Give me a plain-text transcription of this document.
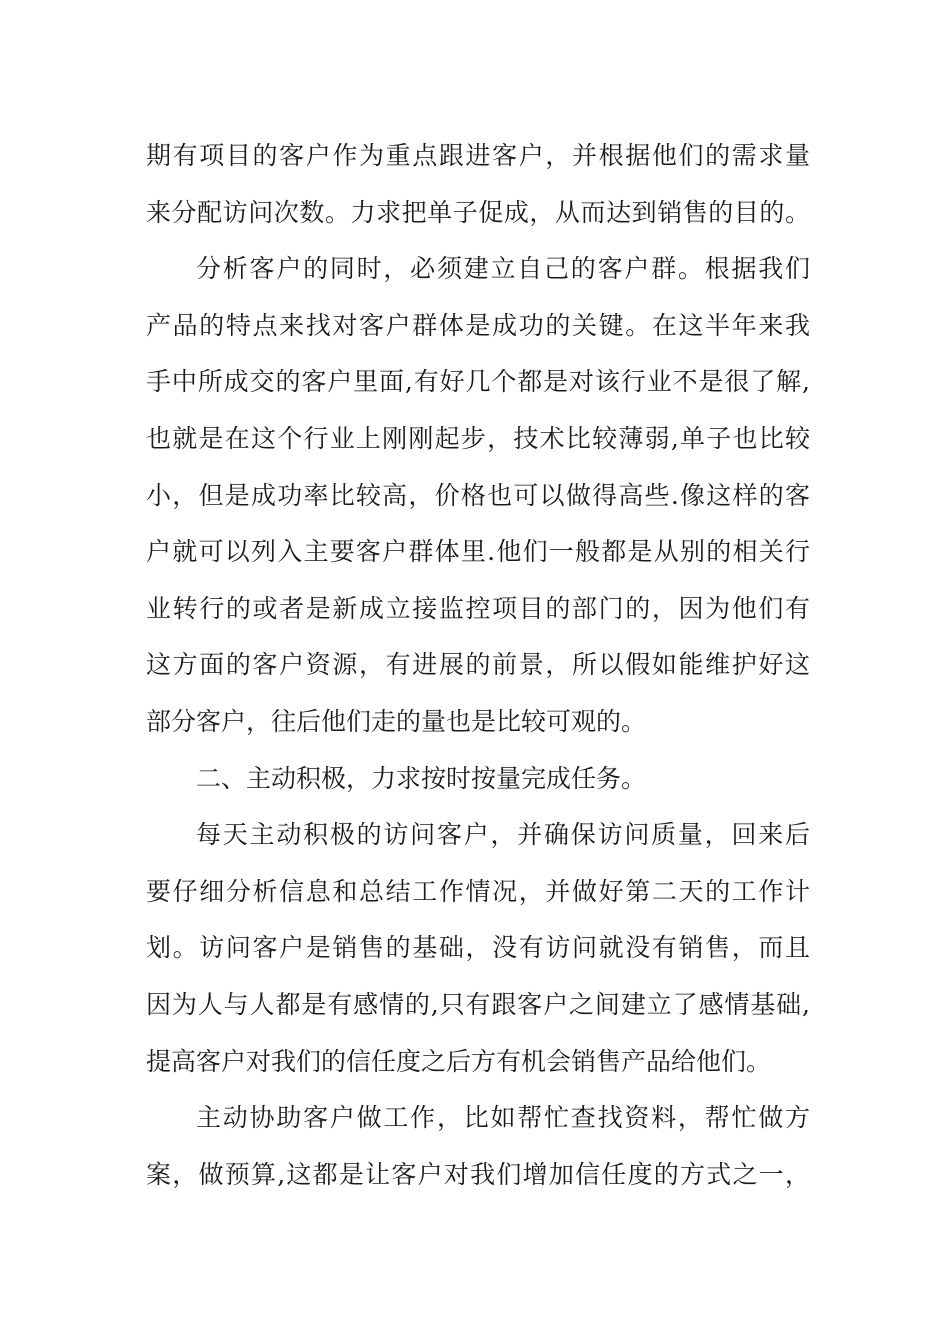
期有项目的客户作为重点跟进客户，并根据他们的需求量
来分配访问次数。力求把单子促成，从而达到销售的目的。
分析客户的同时，必须建立自己的客户群。根据我们
产品的特点来找对客户群体是成功的关键。在这半年来我
手中所成交的客户里面,有好几个都是对该行业不是很了解,
也就是在这个行业上刚刚起步，技术比较薄弱,单子也比较
小，但是成功率比较高，价格也可以做得高些.像这样的客
户就可以列入主要客户群体里.他们一般都是从别的相关行
业转行的或者是新成立接监控项目的部门的，因为他们有
这方面的客户资源，有进展的前景，所以假如能维护好这
部分客户，往后他们走的量也是比较可观的。
二、主动积极，力求按时按量完成任务。
每天主动积极的访问客户，并确保访问质量，回来后
要仔细分析信息和总结工作情况，并做好第二天的工作计
划。访问客户是销售的基础，没有访问就没有销售，而且
因为人与人都是有感情的,只有跟客户之间建立了感情基础,
提高客户对我们的信任度之后方有机会销售产品给他们。
主动协助客户做工作，比如帮忙查找资料，帮忙做方
案，做预算,这都是让客户对我们增加信任度的方式之一，
